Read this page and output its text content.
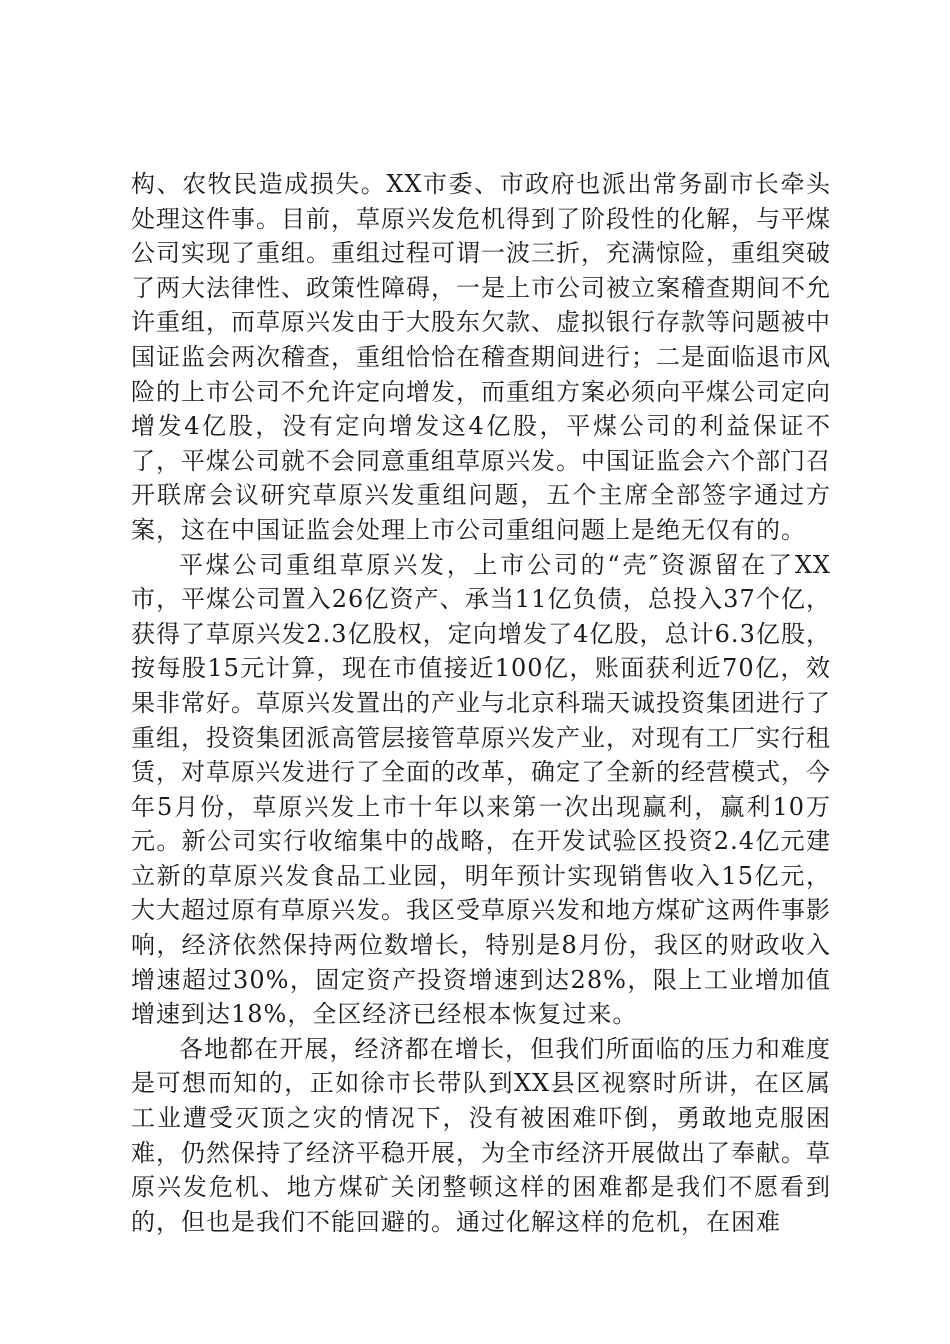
构、农牧民造成损失。XX市委、市政府也派出常务副市长牵头处理这件事。目前，草原兴发危机得到了阶段性的化解，与平煤公司实现了重组。重组过程可谓一波三折，充满惊险，重组突破了两大法律性、政策性障碍，一是上市公司被立案稽查期间不允许重组，而草原兴发由于大股东欠款、虚拟银行存款等问题被中国证监会两次稽查，重组恰恰在稽查期间进行；二是面临退市风险的上市公司不允许定向增发，而重组方案必须向平煤公司定向增发4亿股，没有定向增发这4亿股，平煤公司的利益保证不了，平煤公司就不会同意重组草原兴发。中国证监会六个部门召开联席会议研究草原兴发重组问题，五个主席全部签字通过方案，这在中国证监会处理上市公司重组问题上是绝无仅有的。

平煤公司重组草原兴发，上市公司的“壳″资源留在了XX市，平煤公司置入26亿资产、承当11亿负债，总投入37个亿，获得了草原兴发2.3亿股权，定向增发了4亿股，总计6.3亿股，按每股15元计算，现在市值接近100亿，账面获利近70亿，效果非常好。草原兴发置出的产业与北京科瑞天诚投资集团进行了重组，投资集团派高管层接管草原兴发产业，对现有工厂实行租赁，对草原兴发进行了全面的改革，确定了全新的经营模式，今年5月份，草原兴发上市十年以来第一次出现赢利，赢利10万元。新公司实行收缩集中的战略，在开发试验区投资2.4亿元建立新的草原兴发食品工业园，明年预计实现销售收入15亿元，大大超过原有草原兴发。我区受草原兴发和地方煤矿这两件事影响，经济依然保持两位数增长，特别是8月份，我区的财政收入增速超过30%，固定资产投资增速到达28%，限上工业增加值增速到达18%，全区经济已经根本恢复过来。

各地都在开展，经济都在增长，但我们所面临的压力和难度是可想而知的，正如徐市长带队到XX县区视察时所讲，在区属工业遭受灭顶之灾的情况下，没有被困难吓倒，勇敢地克服困难，仍然保持了经济平稳开展，为全市经济开展做出了奉献。草原兴发危机、地方煤矿关闭整顿这样的困难都是我们不愿看到的，但也是我们不能回避的。通过化解这样的危机，在困难
